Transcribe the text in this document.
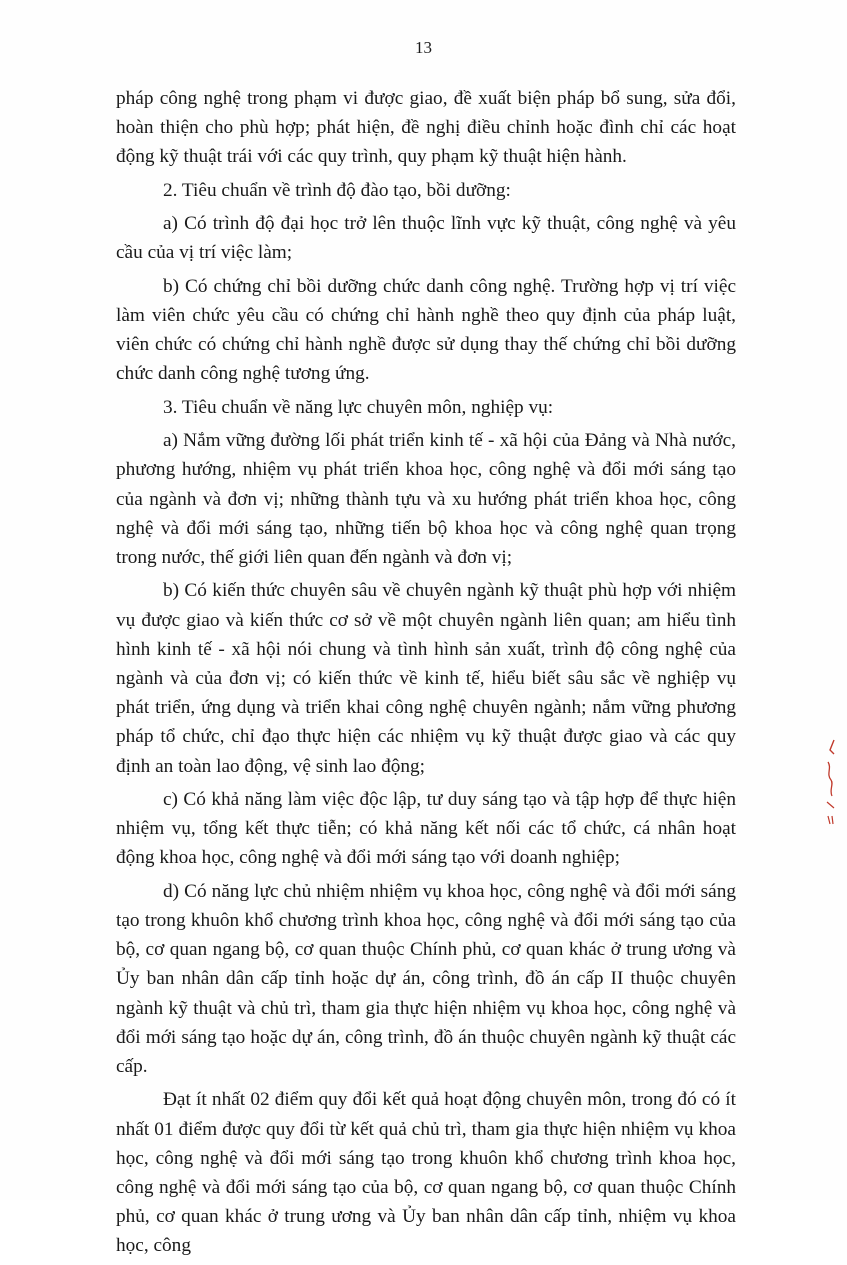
13

pháp công nghệ trong phạm vi được giao, đề xuất biện pháp bổ sung, sửa đổi, hoàn thiện cho phù hợp; phát hiện, đề nghị điều chỉnh hoặc đình chỉ các hoạt động kỹ thuật trái với các quy trình, quy phạm kỹ thuật hiện hành.

2. Tiêu chuẩn về trình độ đào tạo, bồi dưỡng:

a) Có trình độ đại học trở lên thuộc lĩnh vực kỹ thuật, công nghệ và yêu cầu của vị trí việc làm;

b) Có chứng chỉ bồi dưỡng chức danh công nghệ. Trường hợp vị trí việc làm viên chức yêu cầu có chứng chỉ hành nghề theo quy định của pháp luật, viên chức có chứng chỉ hành nghề được sử dụng thay thế chứng chỉ bồi dưỡng chức danh công nghệ tương ứng.

3. Tiêu chuẩn về năng lực chuyên môn, nghiệp vụ:

a) Nắm vững đường lối phát triển kinh tế - xã hội của Đảng và Nhà nước, phương hướng, nhiệm vụ phát triển khoa học, công nghệ và đổi mới sáng tạo của ngành và đơn vị; những thành tựu và xu hướng phát triển khoa học, công nghệ và đổi mới sáng tạo, những tiến bộ khoa học và công nghệ quan trọng trong nước, thế giới liên quan đến ngành và đơn vị;

b) Có kiến thức chuyên sâu về chuyên ngành kỹ thuật phù hợp với nhiệm vụ được giao và kiến thức cơ sở về một chuyên ngành liên quan; am hiểu tình hình kinh tế - xã hội nói chung và tình hình sản xuất, trình độ công nghệ của ngành và của đơn vị; có kiến thức về kinh tế, hiểu biết sâu sắc về nghiệp vụ phát triển, ứng dụng và triển khai công nghệ chuyên ngành; nắm vững phương pháp tổ chức, chỉ đạo thực hiện các nhiệm vụ kỹ thuật được giao và các quy định an toàn lao động, vệ sinh lao động;

c) Có khả năng làm việc độc lập, tư duy sáng tạo và tập hợp để thực hiện nhiệm vụ, tổng kết thực tiễn; có khả năng kết nối các tổ chức, cá nhân hoạt động khoa học, công nghệ và đổi mới sáng tạo với doanh nghiệp;

d) Có năng lực chủ nhiệm nhiệm vụ khoa học, công nghệ và đổi mới sáng tạo trong khuôn khổ chương trình khoa học, công nghệ và đổi mới sáng tạo của bộ, cơ quan ngang bộ, cơ quan thuộc Chính phủ, cơ quan khác ở trung ương và Ủy ban nhân dân cấp tỉnh hoặc dự án, công trình, đồ án cấp II thuộc chuyên ngành kỹ thuật và chủ trì, tham gia thực hiện nhiệm vụ khoa học, công nghệ và đổi mới sáng tạo hoặc dự án, công trình, đồ án thuộc chuyên ngành kỹ thuật các cấp.

Đạt ít nhất 02 điểm quy đổi kết quả hoạt động chuyên môn, trong đó có ít nhất 01 điểm được quy đổi từ kết quả chủ trì, tham gia thực hiện nhiệm vụ khoa học, công nghệ và đổi mới sáng tạo trong khuôn khổ chương trình khoa học, công nghệ và đổi mới sáng tạo của bộ, cơ quan ngang bộ, cơ quan thuộc Chính phủ, cơ quan khác ở trung ương và Ủy ban nhân dân cấp tỉnh, nhiệm vụ khoa học, công
